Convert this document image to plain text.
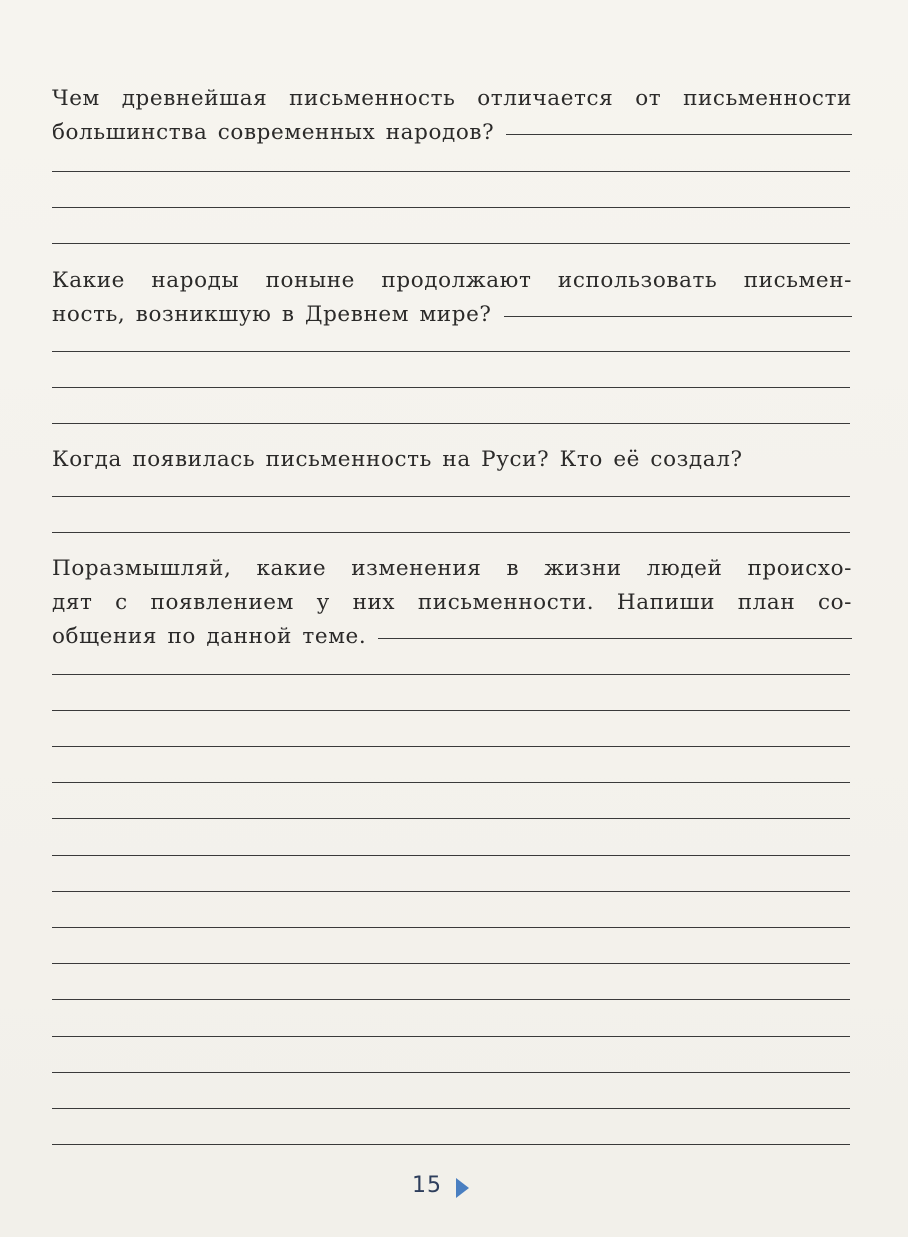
Чем древнейшая письменность отличается от письменности
большинства современных народов?
Какие народы поныне продолжают использовать письмен-
ность, возникшую в Древнем мире?
Когда появилась письменность на Руси? Кто её создал?
Поразмышляй, какие изменения в жизни людей происхо-
дят с появлением у них письменности. Напиши план со-
общения по данной теме.
15
